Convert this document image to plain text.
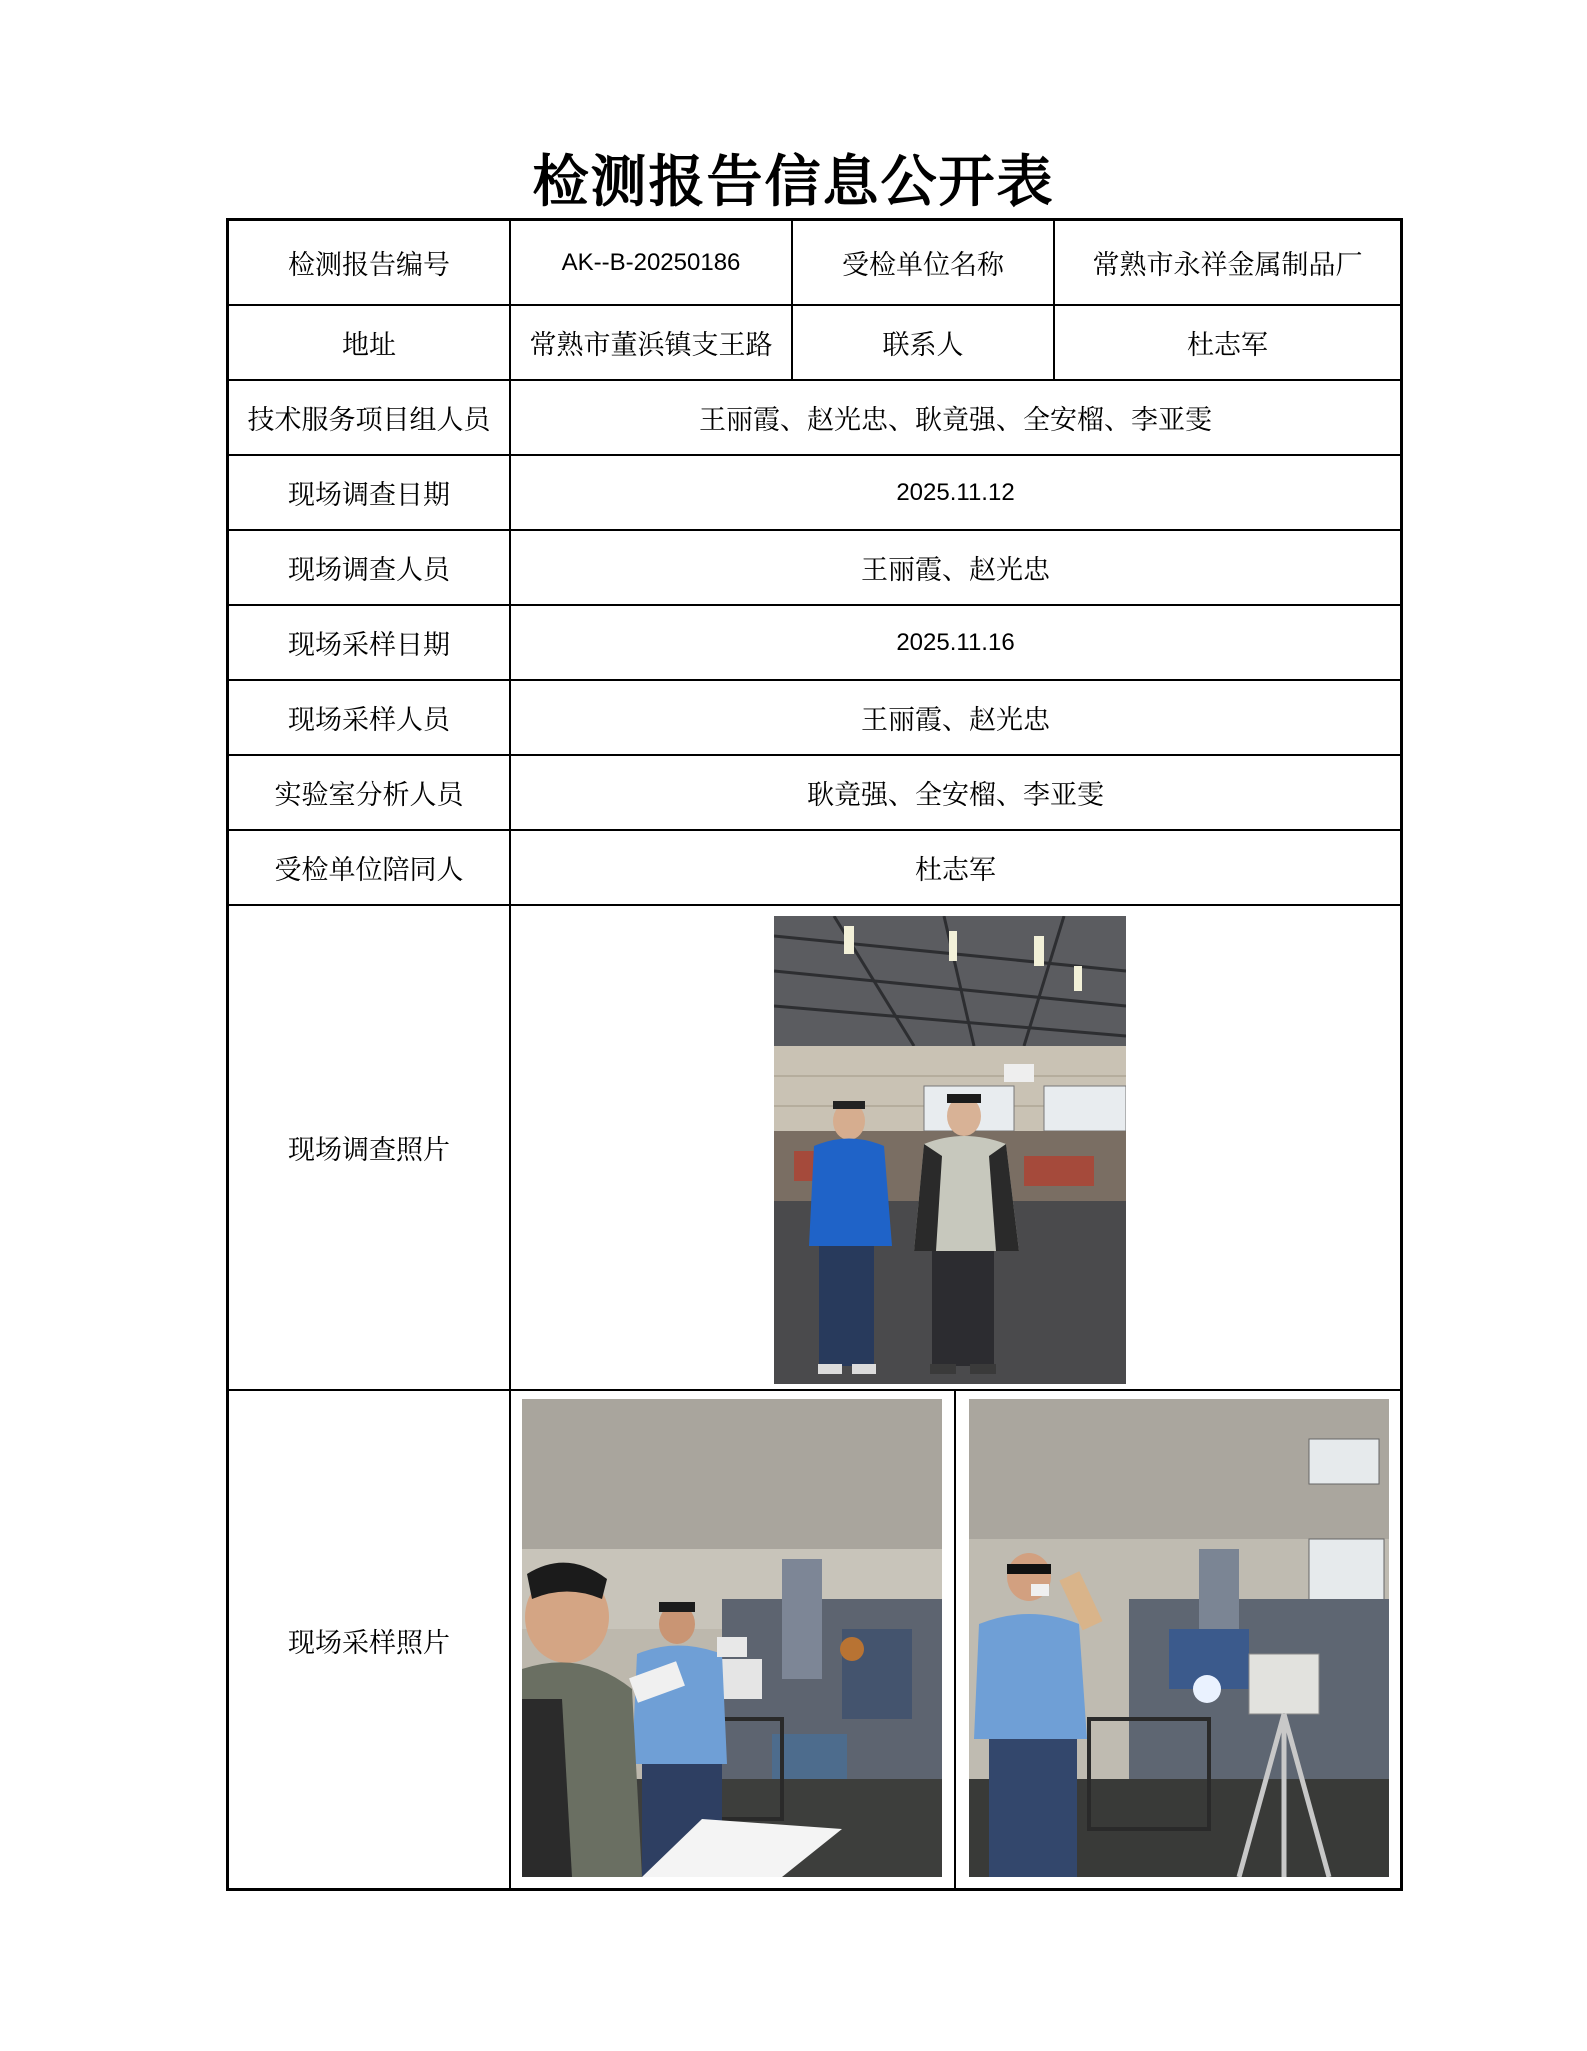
检测报告信息公开表
检测报告编号	AK--B-20250186	受检单位名称	常熟市永祥金属制品厂
地址	常熟市董浜镇支王路	联系人	杜志军
技术服务项目组人员	王丽霞、赵光忠、耿竟强、全安榴、李亚雯
现场调查日期	2025.11.12
现场调查人员	王丽霞、赵光忠
现场采样日期	2025.11.16
现场采样人员	王丽霞、赵光忠
实验室分析人员	耿竟强、全安榴、李亚雯
受检单位陪同人	杜志军
现场调查照片
现场采样照片
